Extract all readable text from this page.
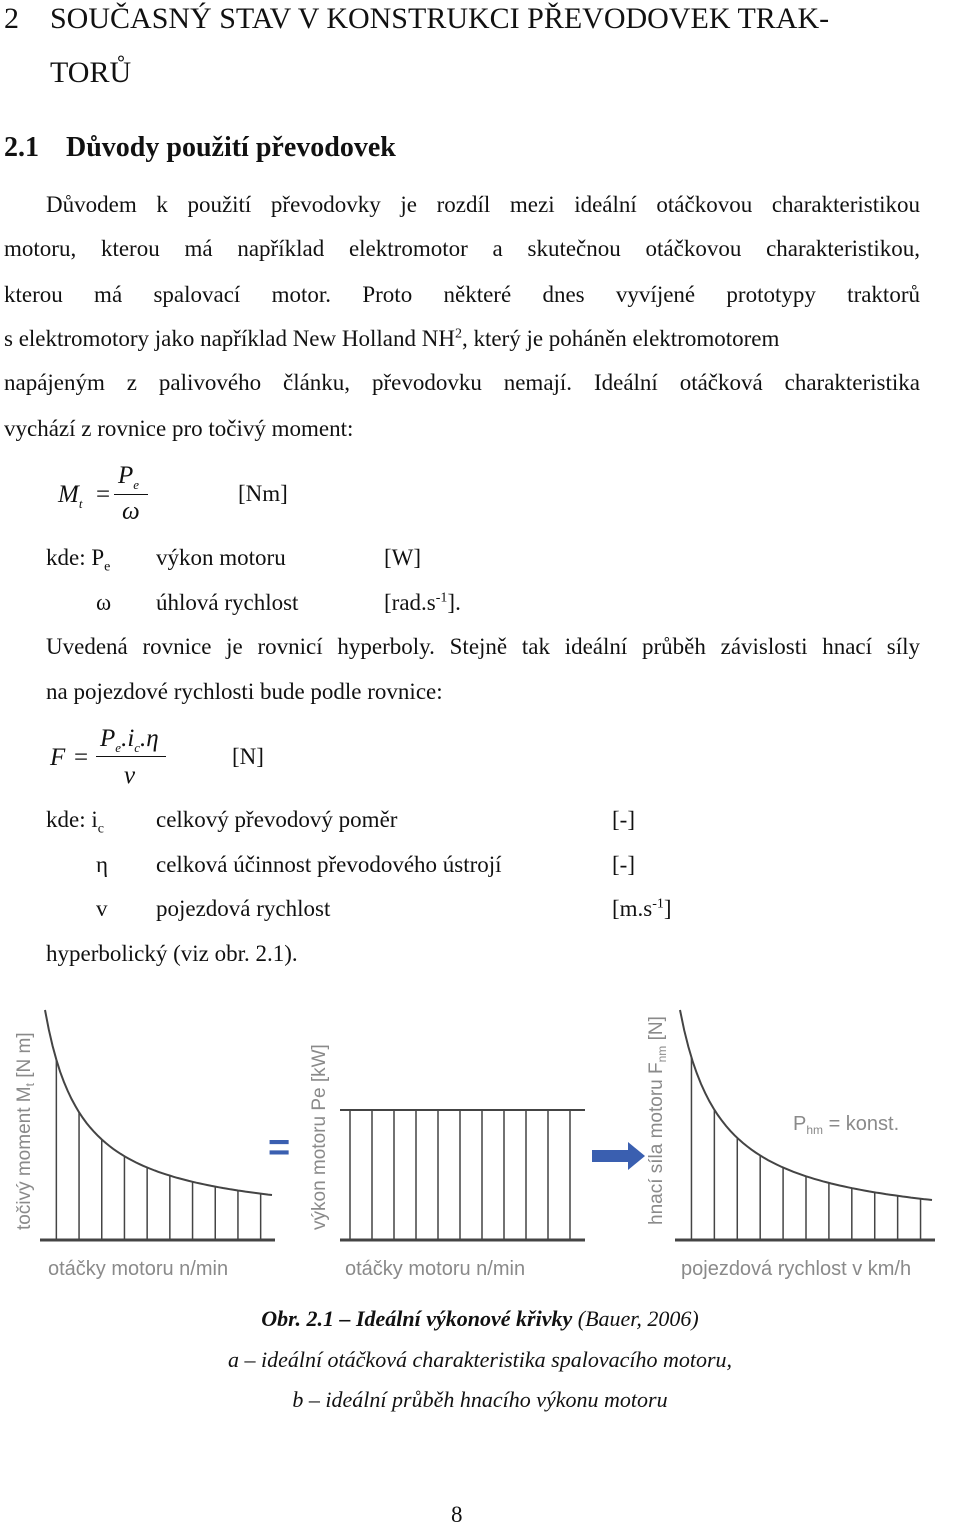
2 SOUČASNÝ STAV V KONSTRUKCI PŘEVODOVEK TRAK-
TORŮ
2.1 Důvody použití převodovek
Důvodem k použití převodovky je rozdíl mezi ideální otáčkovou charakteristikou
motoru, kterou má například elektromotor a skutečnou otáčkovou charakteristikou,
kterou má spalovací motor. Proto některé dnes vyvíjené prototypy traktorů
s elektromotory jako například New Holland $NH^2$, který je poháněn elektromotorem
napájeným z palivového článku, převodovku nemají. Ideální otáčková charakteristika
vychází z rovnice pro točivý moment:
$M_t$ =
$P_e$
ω
[Nm]
kde: $P_e$ výkon motoru	[W]
ω úhlová rychlost	$[rad.s^{-1}]$.
Uvedená rovnice je rovnicí hyperboly. Stejně tak ideální průběh závislosti hnací síly
na pojezdové rychlosti bude podle rovnice:
F =
$P_e.i_c.\eta$
v
[N]
kde: $i_c$ celkový převodový poměr	[-]
η celková účinnost převodového ústrojí	[-]
v pojezdová rychlost	$[m.s^{-1}]$
hyperbolický (viz obr. 2.1).
točivý moment $M_t$ [N m]
otáčky motoru n/min
= výkon motoru Pe [kW]
otáčky motoru n/min
hnací síla motoru $F_{nm}$ [N]
$P_{hm}$ = konst.
pojezdová rychlost v km/h
Obr. 2.1 – Ideální výkonové křivky (Bauer, 2006)
a – ideální otáčková charakteristika spalovacího motoru,
b – ideální průběh hnacího výkonu motoru
8
